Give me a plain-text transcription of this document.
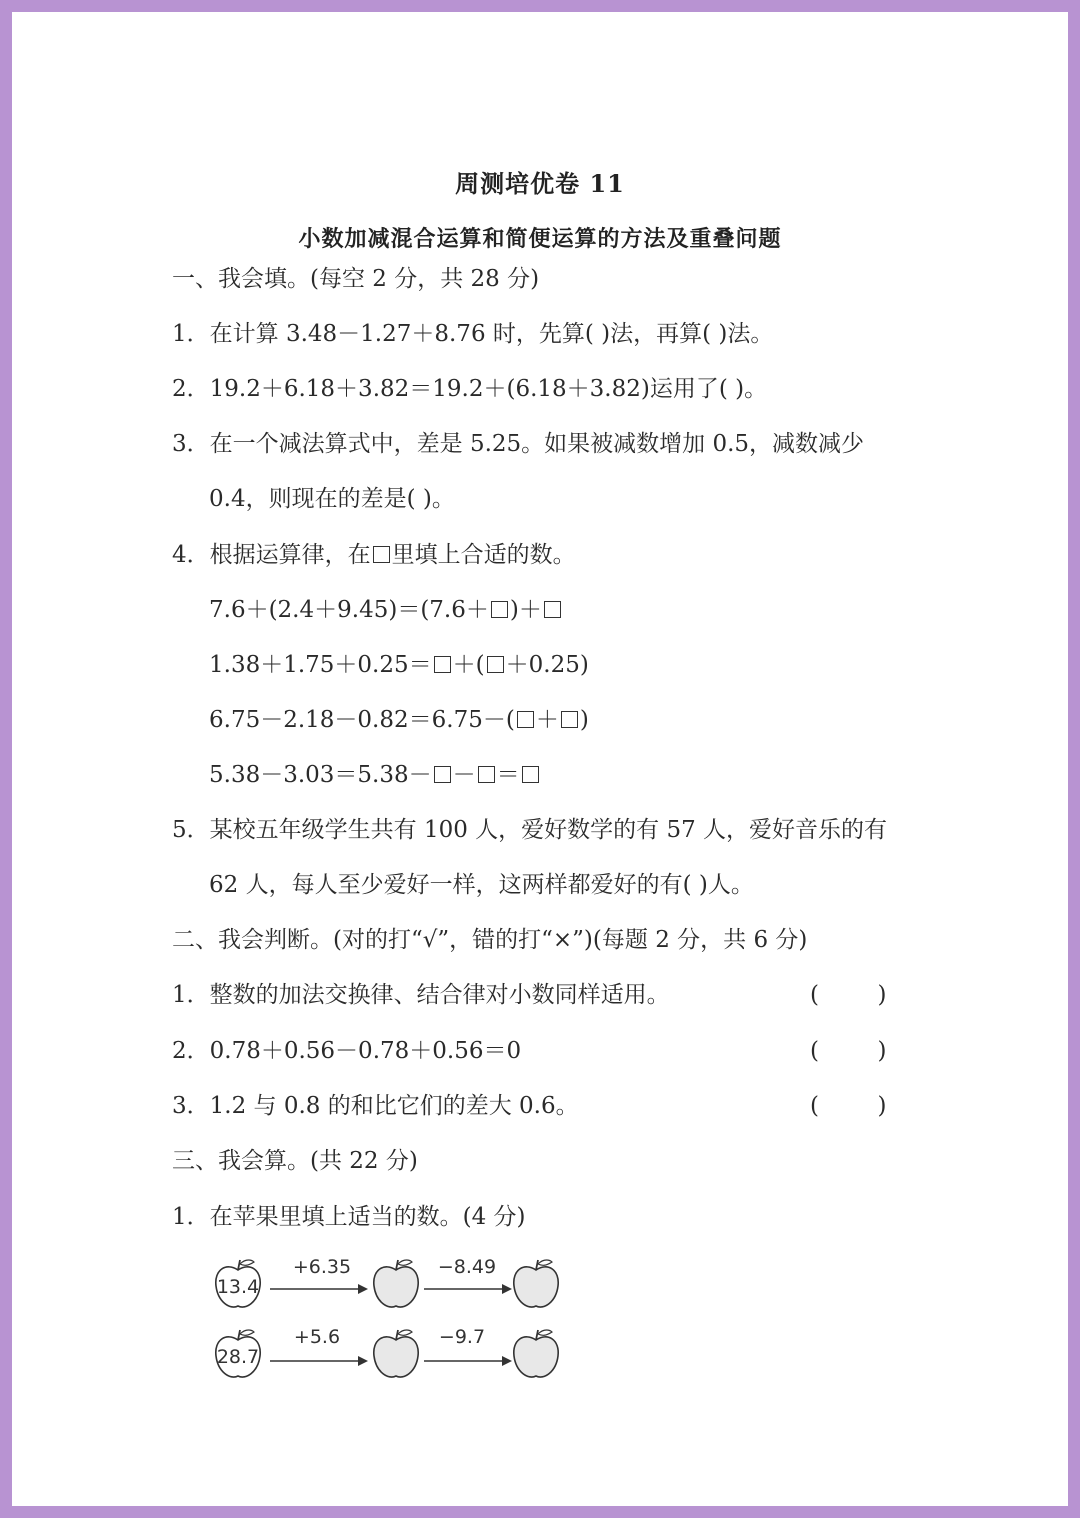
周测培优卷 11
小数加减混合运算和简便运算的方法及重叠问题
一、我会填。(每空 2 分，共 28 分)
1．在计算 3.48－1.27＋8.76 时，先算( )法，再算( )法。
2．19.2＋6.18＋3.82＝19.2＋(6.18＋3.82)运用了( )。
3．在一个减法算式中，差是 5.25。如果被减数增加 0.5，减数减少
0.4，则现在的差是( )。
4．根据运算律，在 里填上合适的数。
7.6＋(2.4＋9.45)＝(7.6＋ )＋
1.38＋1.75＋0.25＝ ＋( ＋0.25)
6.75－2.18－0.82＝6.75－( ＋ )
5.38－3.03＝5.38－ － ＝
5．某校五年级学生共有 100 人，爱好数学的有 57 人，爱好音乐的有
62 人，每人至少爱好一样，这两样都爱好的有( )人。
二、我会判断。(对的打“√”，错的打“×”)(每题 2 分，共 6 分)
1．整数的加法交换律、结合律对小数同样适用。	(        )
2．0.78＋0.56－0.78＋0.56＝0	(        )
3．1.2 与 0.8 的和比它们的差大 0.6。	(        )
三、我会算。(共 22 分)
1．在苹果里填上适当的数。(4 分)
13.4
+6.35	−8.49
28.7
+5.6	−9.7
